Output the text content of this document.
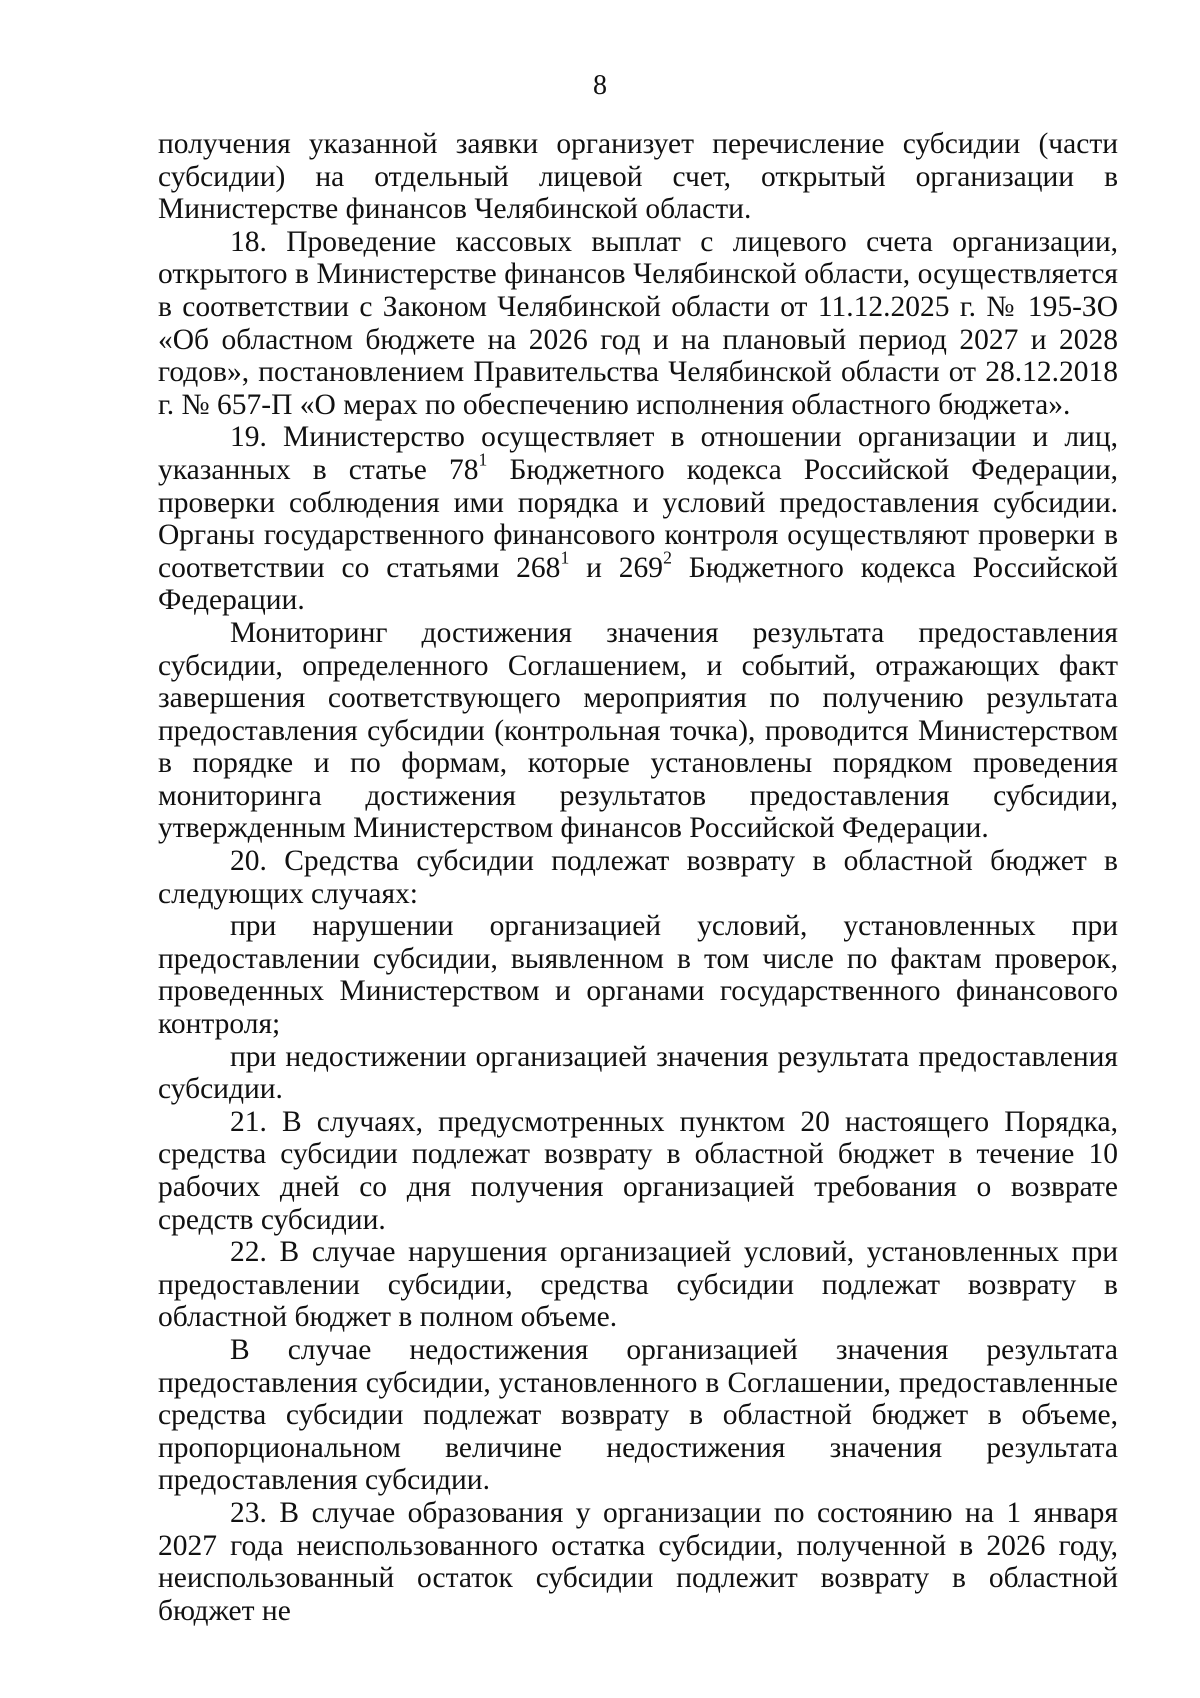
8

получения указанной заявки организует перечисление субсидии (части субсидии) на отдельный лицевой счет, открытый организации в Министерстве финансов Челябинской области.

18. Проведение кассовых выплат с лицевого счета организации, открытого в Министерстве финансов Челябинской области, осуществляется в соответствии с Законом Челябинской области от 11.12.2025 г. № 195-ЗО «Об областном бюджете на 2026 год и на плановый период 2027 и 2028 годов», постановлением Правительства Челябинской области от 28.12.2018 г. № 657-П «О мерах по обеспечению исполнения областного бюджета».

19. Министерство осуществляет в отношении организации и лиц, указанных в статье $78^1$ Бюджетного кодекса Российской Федерации, проверки соблюдения ими порядка и условий предоставления субсидии. Органы государственного финансового контроля осуществляют проверки в соответствии со статьями $268^1$ и $269^2$ Бюджетного кодекса Российской Федерации.

Мониторинг достижения значения результата предоставления субсидии, определенного Соглашением, и событий, отражающих факт завершения соответствующего мероприятия по получению результата предоставления субсидии (контрольная точка), проводится Министерством в порядке и по формам, которые установлены порядком проведения мониторинга достижения результатов предоставления субсидии, утвержденным Министерством финансов Российской Федерации.

20. Средства субсидии подлежат возврату в областной бюджет в следующих случаях:

при нарушении организацией условий, установленных при предоставлении субсидии, выявленном в том числе по фактам проверок, проведенных Министерством и органами государственного финансового контроля;

при недостижении организацией значения результата предоставления субсидии.

21. В случаях, предусмотренных пунктом 20 настоящего Порядка, средства субсидии подлежат возврату в областной бюджет в течение 10 рабочих дней со дня получения организацией требования о возврате средств субсидии.

22. В случае нарушения организацией условий, установленных при предоставлении субсидии, средства субсидии подлежат возврату в областной бюджет в полном объеме.

В случае недостижения организацией значения результата предоставления субсидии, установленного в Соглашении, предоставленные средства субсидии подлежат возврату в областной бюджет в объеме, пропорциональном величине недостижения значения результата предоставления субсидии.

23. В случае образования у организации по состоянию на 1 января 2027 года неиспользованного остатка субсидии, полученной в 2026 году, неиспользованный остаток субсидии подлежит возврату в областной бюджет не
